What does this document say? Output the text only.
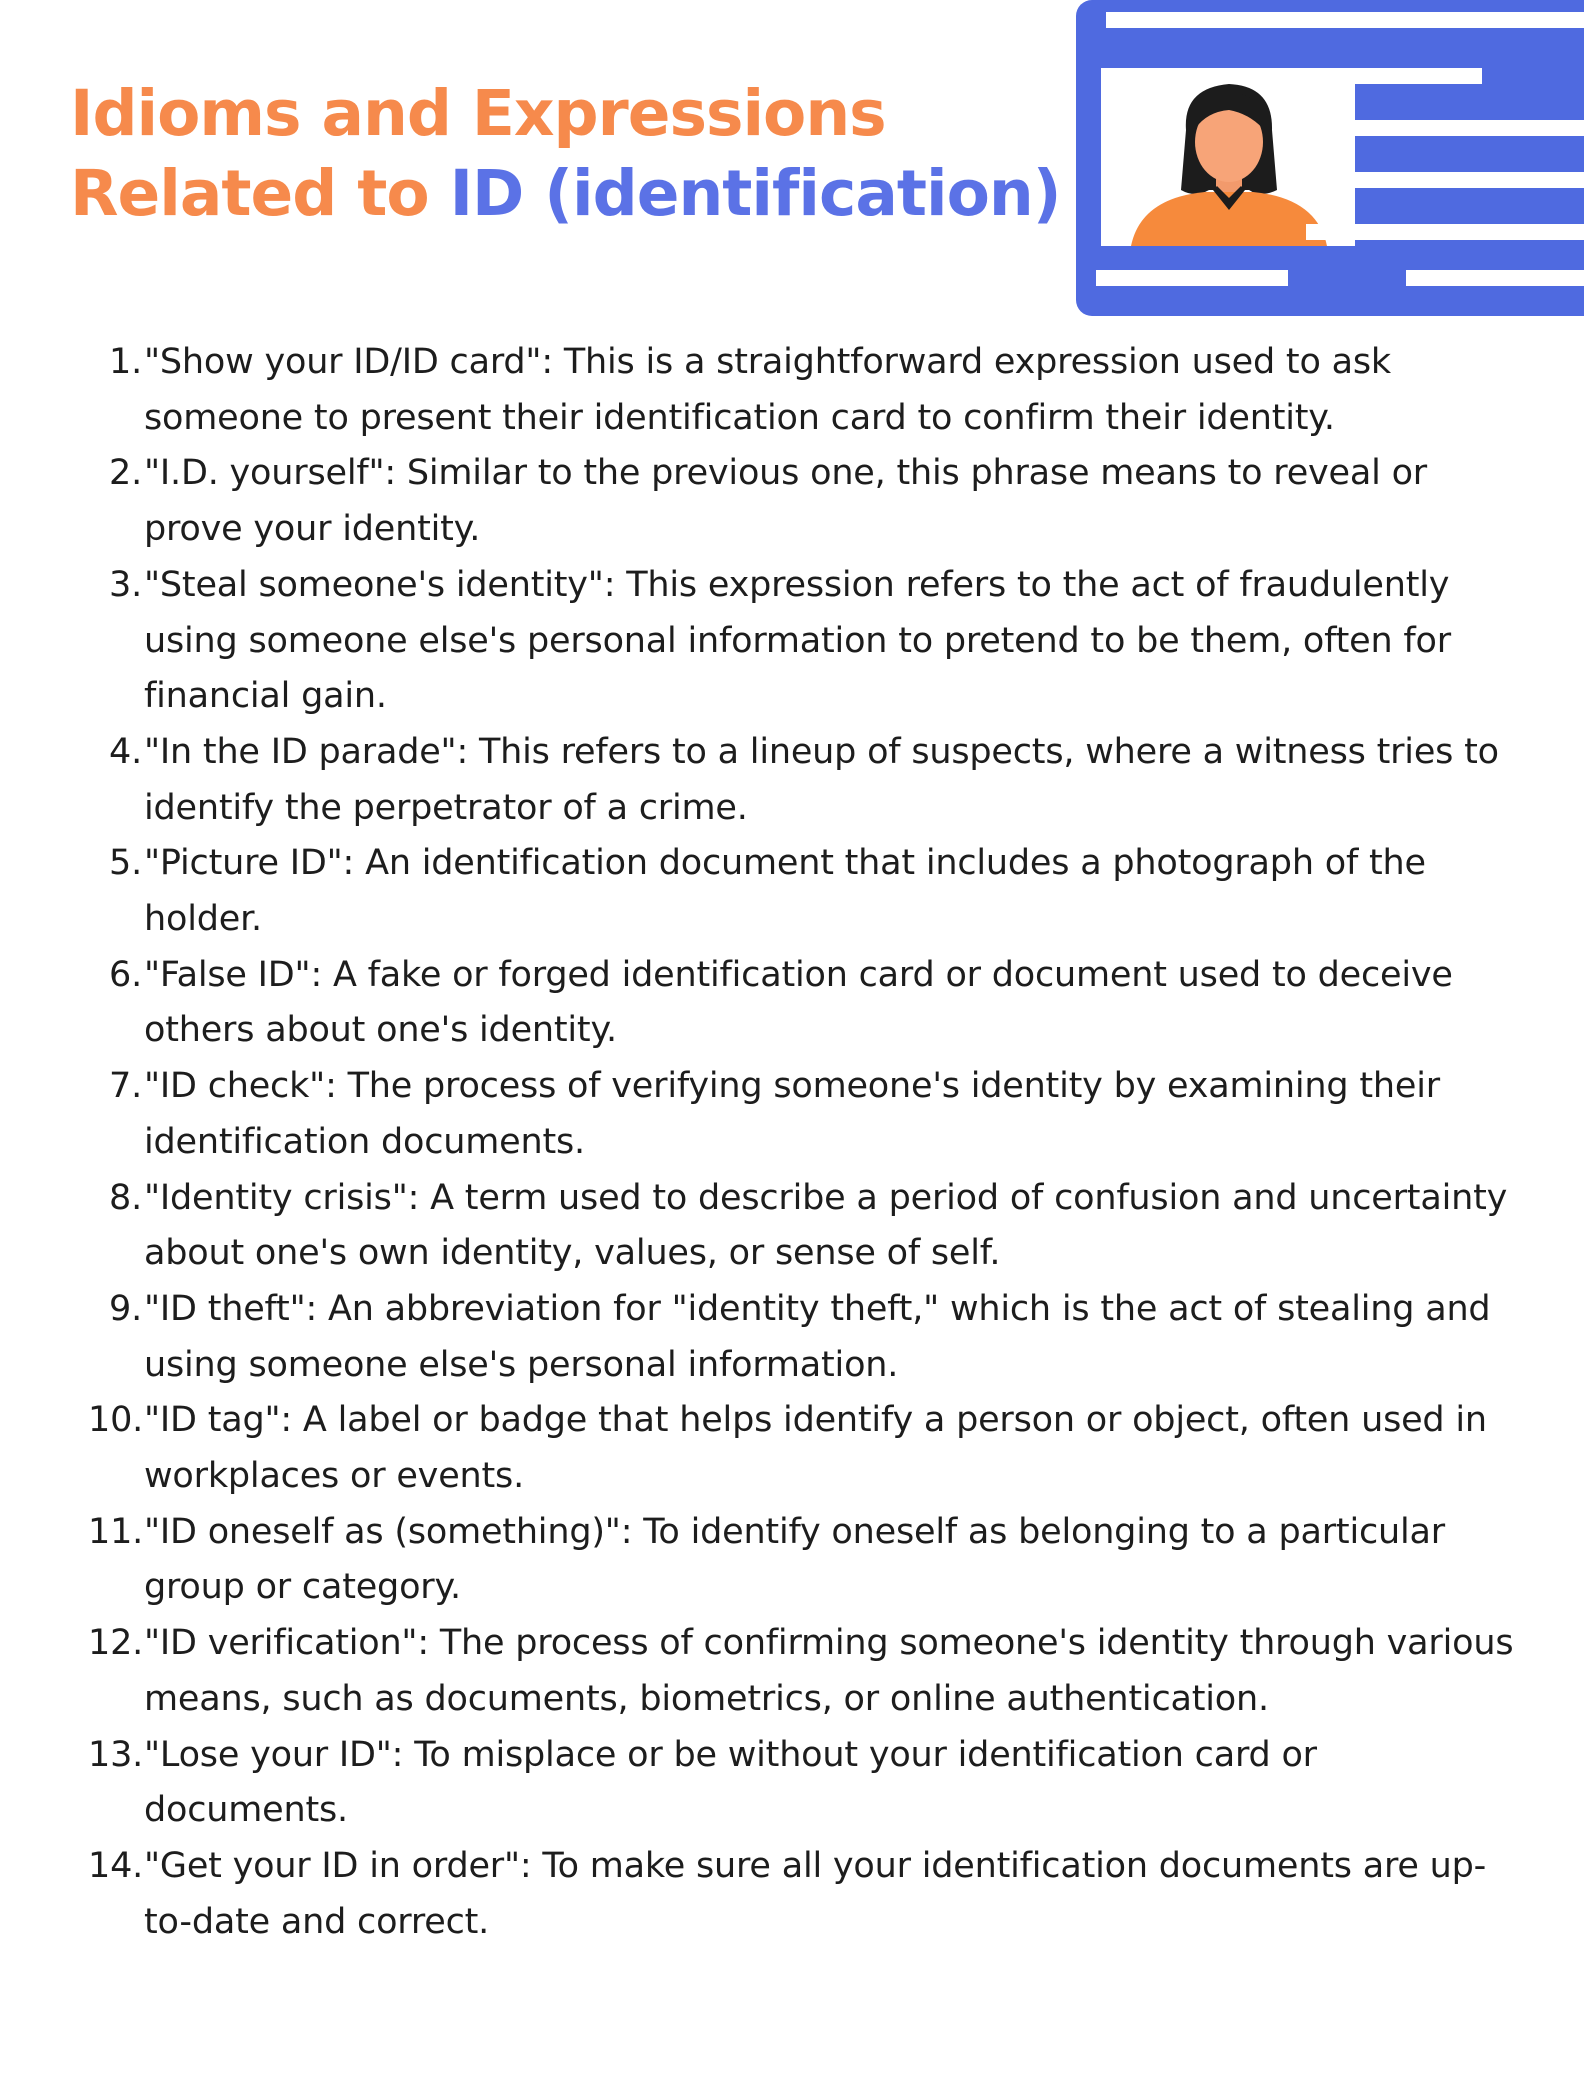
Idioms and Expressions
Related to ID (identification)
1. "Show your ID/ID card": This is a straightforward expression used to ask someone to present their identification card to confirm their identity.
2. "I.D. yourself": Similar to the previous one, this phrase means to reveal or prove your identity.
3. "Steal someone's identity": This expression refers to the act of fraudulently using someone else's personal information to pretend to be them, often for financial gain.
4. "In the ID parade": This refers to a lineup of suspects, where a witness tries to identify the perpetrator of a crime.
5. "Picture ID": An identification document that includes a photograph of the holder.
6. "False ID": A fake or forged identification card or document used to deceive others about one's identity.
7. "ID check": The process of verifying someone's identity by examining their identification documents.
8. "Identity crisis": A term used to describe a period of confusion and uncertainty about one's own identity, values, or sense of self.
9. "ID theft": An abbreviation for "identity theft," which is the act of stealing and using someone else's personal information.
10. "ID tag": A label or badge that helps identify a person or object, often used in workplaces or events.
11. "ID oneself as (something)": To identify oneself as belonging to a particular group or category.
12. "ID verification": The process of confirming someone's identity through various means, such as documents, biometrics, or online authentication.
13. "Lose your ID": To misplace or be without your identification card or documents.
14. "Get your ID in order": To make sure all your identification documents are up-to-date and correct.
